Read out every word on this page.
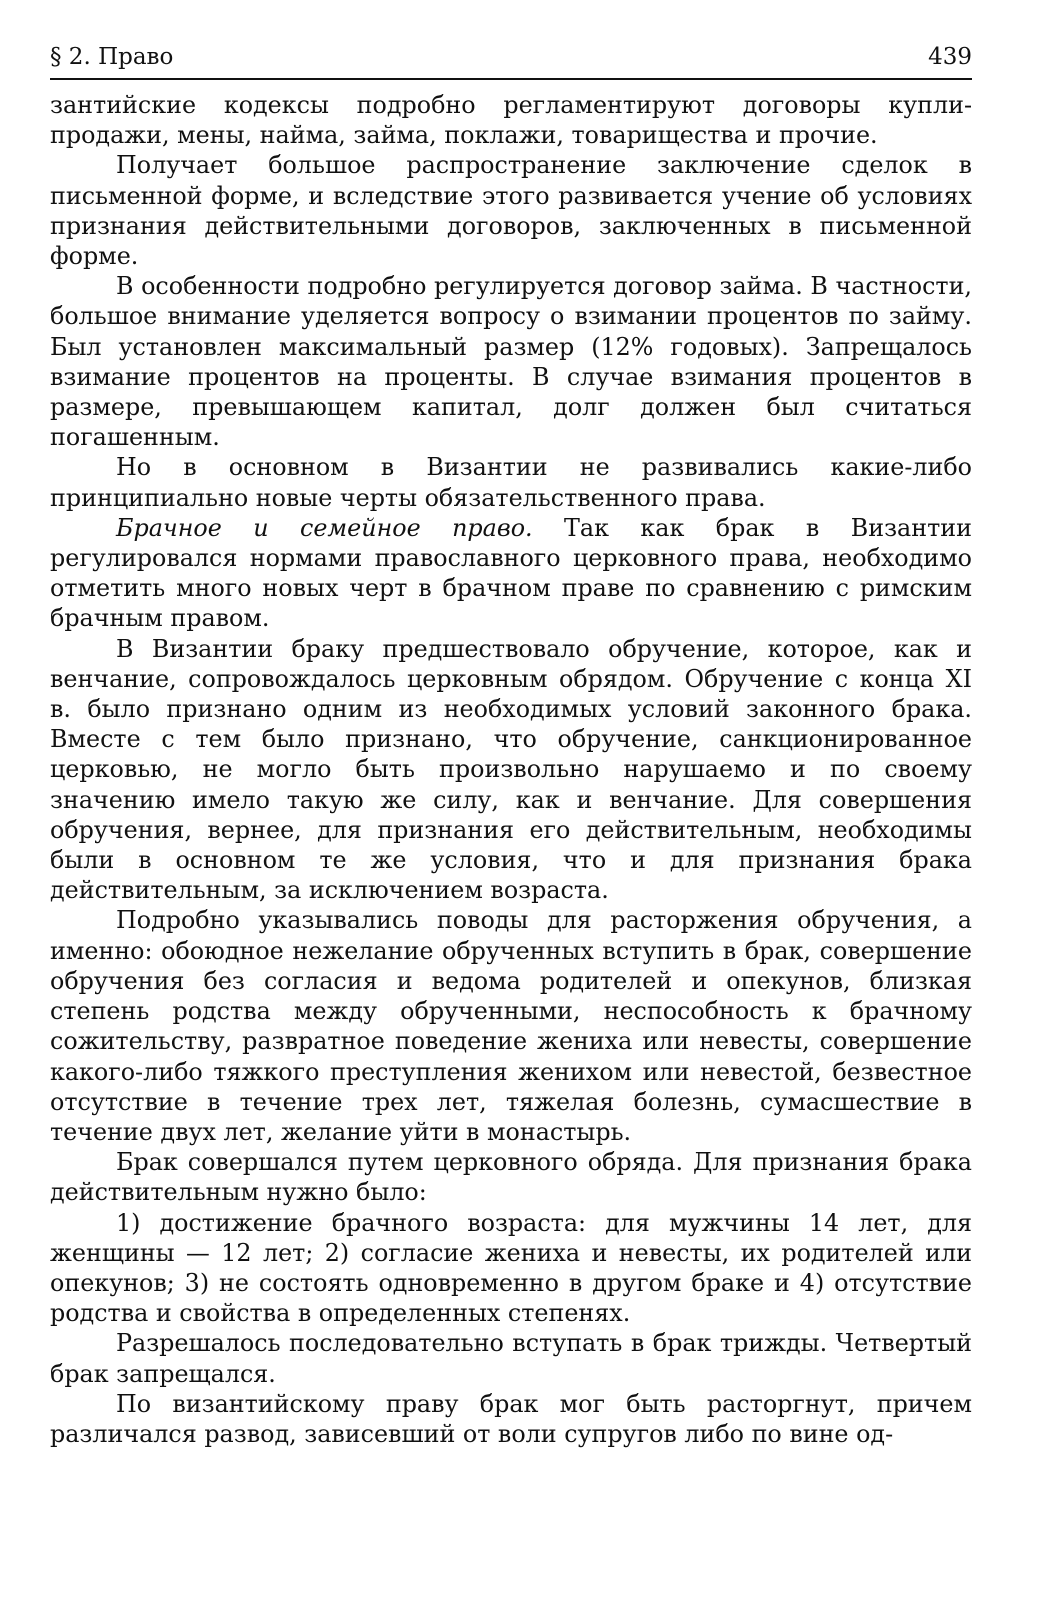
§ 2. Право	439

зантийские кодексы подробно регламентируют договоры купли-продажи, мены, найма, займа, поклажи, товарищества и прочие.

Получает большое распространение заключение сделок в письменной форме, и вследствие этого развивается учение об условиях признания действительными договоров, заключенных в письменной форме.

В особенности подробно регулируется договор займа. В частности, большое внимание уделяется вопросу о взимании процентов по займу. Был установлен максимальный размер (12% годовых). Запрещалось взимание процентов на проценты. В случае взимания процентов в размере, превышающем капитал, долг должен был считаться погашенным.

Но в основном в Византии не развивались какие-либо принципиально новые черты обязательственного права.

Брачное и семейное право. Так как брак в Византии регулировался нормами православного церковного права, необходимо отметить много новых черт в брачном праве по сравнению с римским брачным правом.

В Византии браку предшествовало обручение, которое, как и венчание, сопровождалось церковным обрядом. Обручение с конца XI в. было признано одним из необходимых условий законного брака. Вместе с тем было признано, что обручение, санкционированное церковью, не могло быть произвольно нарушаемо и по своему значению имело такую же силу, как и венчание. Для совершения обручения, вернее, для признания его действительным, необходимы были в основном те же условия, что и для признания брака действительным, за исключением возраста.

Подробно указывались поводы для расторжения обручения, а именно: обоюдное нежелание обрученных вступить в брак, совершение обручения без согласия и ведома родителей и опекунов, близкая степень родства между обрученными, неспособность к брачному сожительству, развратное поведение жениха или невесты, совершение какого-либо тяжкого преступления женихом или невестой, безвестное отсутствие в течение трех лет, тяжелая болезнь, сумасшествие в течение двух лет, желание уйти в монастырь.

Брак совершался путем церковного обряда. Для признания брака действительным нужно было:

1) достижение брачного возраста: для мужчины 14 лет, для женщины — 12 лет; 2) согласие жениха и невесты, их родителей или опекунов; 3) не состоять одновременно в другом браке и 4) отсутствие родства и свойства в определенных степенях.

Разрешалось последовательно вступать в брак трижды. Четвертый брак запрещался.

По византийскому праву брак мог быть расторгнут, причем различался развод, зависевший от воли супругов либо по вине од-
